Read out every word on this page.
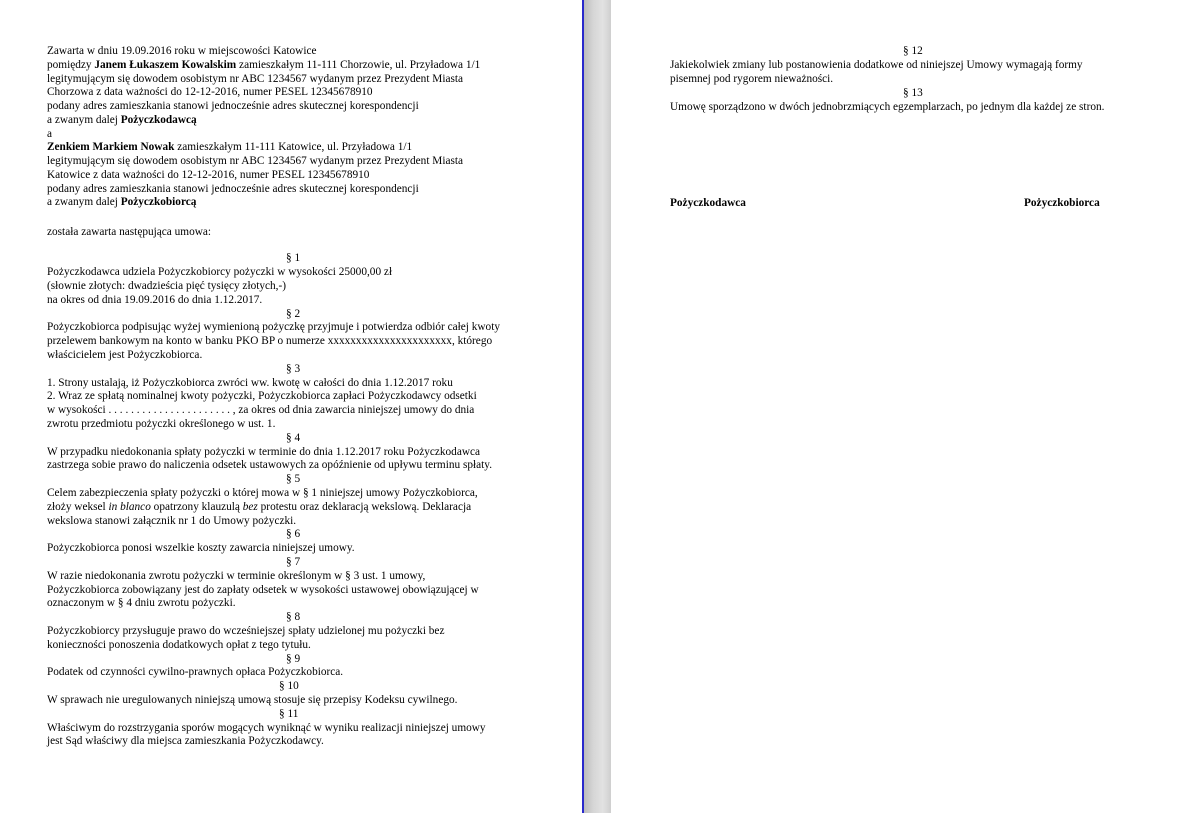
Zawarta w dniu 19.09.2016 roku w miejscowości Katowice
pomiędzy Janem Łukaszem Kowalskim zamieszkałym 11-111 Chorzowie, ul. Przyładowa 1/1
legitymującym się dowodem osobistym nr ABC 1234567 wydanym przez Prezydent Miasta
Chorzowa z data ważności do 12-12-2016, numer PESEL 12345678910
podany adres zamieszkania stanowi jednocześnie adres skutecznej korespondencji
a zwanym dalej Pożyczkodawcą
a
Zenkiem Markiem Nowak zamieszkałym 11-111 Katowice, ul. Przyładowa 1/1
legitymującym się dowodem osobistym nr ABC 1234567 wydanym przez Prezydent Miasta
Katowice z data ważności do 12-12-2016, numer PESEL 12345678910
podany adres zamieszkania stanowi jednocześnie adres skutecznej korespondencji
a zwanym dalej Pożyczkobiorcą
została zawarta następująca umowa:
§ 1
Pożyczkodawca udziela Pożyczkobiorcy pożyczki w wysokości 25000,00 zł
(słownie złotych: dwadzieścia pięć tysięcy złotych,-)
na okres od dnia 19.09.2016 do dnia 1.12.2017.
§ 2
Pożyczkobiorca podpisując wyżej wymienioną pożyczkę przyjmuje i potwierdza odbiór całej kwoty
przelewem bankowym na konto w banku PKO BP o numerze xxxxxxxxxxxxxxxxxxxxxx, którego
właścicielem jest Pożyczkobiorca.
§ 3
1. Strony ustalają, iż Pożyczkobiorca zwróci ww. kwotę w całości do dnia 1.12.2017 roku
2. Wraz ze spłatą nominalnej kwoty pożyczki, Pożyczkobiorca zapłaci Pożyczkodawcy odsetki
w wysokości . . . . . . . . . . . . . . . . . . . . . . , za okres od dnia zawarcia niniejszej umowy do dnia
zwrotu przedmiotu pożyczki określonego w ust. 1.
§ 4
W przypadku niedokonania spłaty pożyczki w terminie do dnia 1.12.2017 roku Pożyczkodawca
zastrzega sobie prawo do naliczenia odsetek ustawowych za opóźnienie od upływu terminu spłaty.
§ 5
Celem zabezpieczenia spłaty pożyczki o której mowa w § 1 niniejszej umowy Pożyczkobiorca,
złoży weksel in blanco opatrzony klauzulą bez protestu oraz deklaracją wekslową. Deklaracja
wekslowa stanowi załącznik nr 1 do Umowy pożyczki.
§ 6
Pożyczkobiorca ponosi wszelkie koszty zawarcia niniejszej umowy.
§ 7
W razie niedokonania zwrotu pożyczki w terminie określonym w § 3 ust. 1 umowy,
Pożyczkobiorca zobowiązany jest do zapłaty odsetek w wysokości ustawowej obowiązującej w
oznaczonym w § 4 dniu zwrotu pożyczki.
§ 8
Pożyczkobiorcy przysługuje prawo do wcześniejszej spłaty udzielonej mu pożyczki bez
konieczności ponoszenia dodatkowych opłat z tego tytułu.
§ 9
Podatek od czynności cywilno-prawnych opłaca Pożyczkobiorca.
§ 10
W sprawach nie uregulowanych niniejszą umową stosuje się przepisy Kodeksu cywilnego.
§ 11
Właściwym do rozstrzygania sporów mogących wyniknąć w wyniku realizacji niniejszej umowy
jest Sąd właściwy dla miejsca zamieszkania Pożyczkodawcy.
§ 12
Jakiekolwiek zmiany lub postanowienia dodatkowe od niniejszej Umowy wymagają formy
pisemnej pod rygorem nieważności.
§ 13
Umowę sporządzono w dwóch jednobrzmiących egzemplarzach, po jednym dla każdej ze stron.
Pożyczkodawca	Pożyczkobiorca
